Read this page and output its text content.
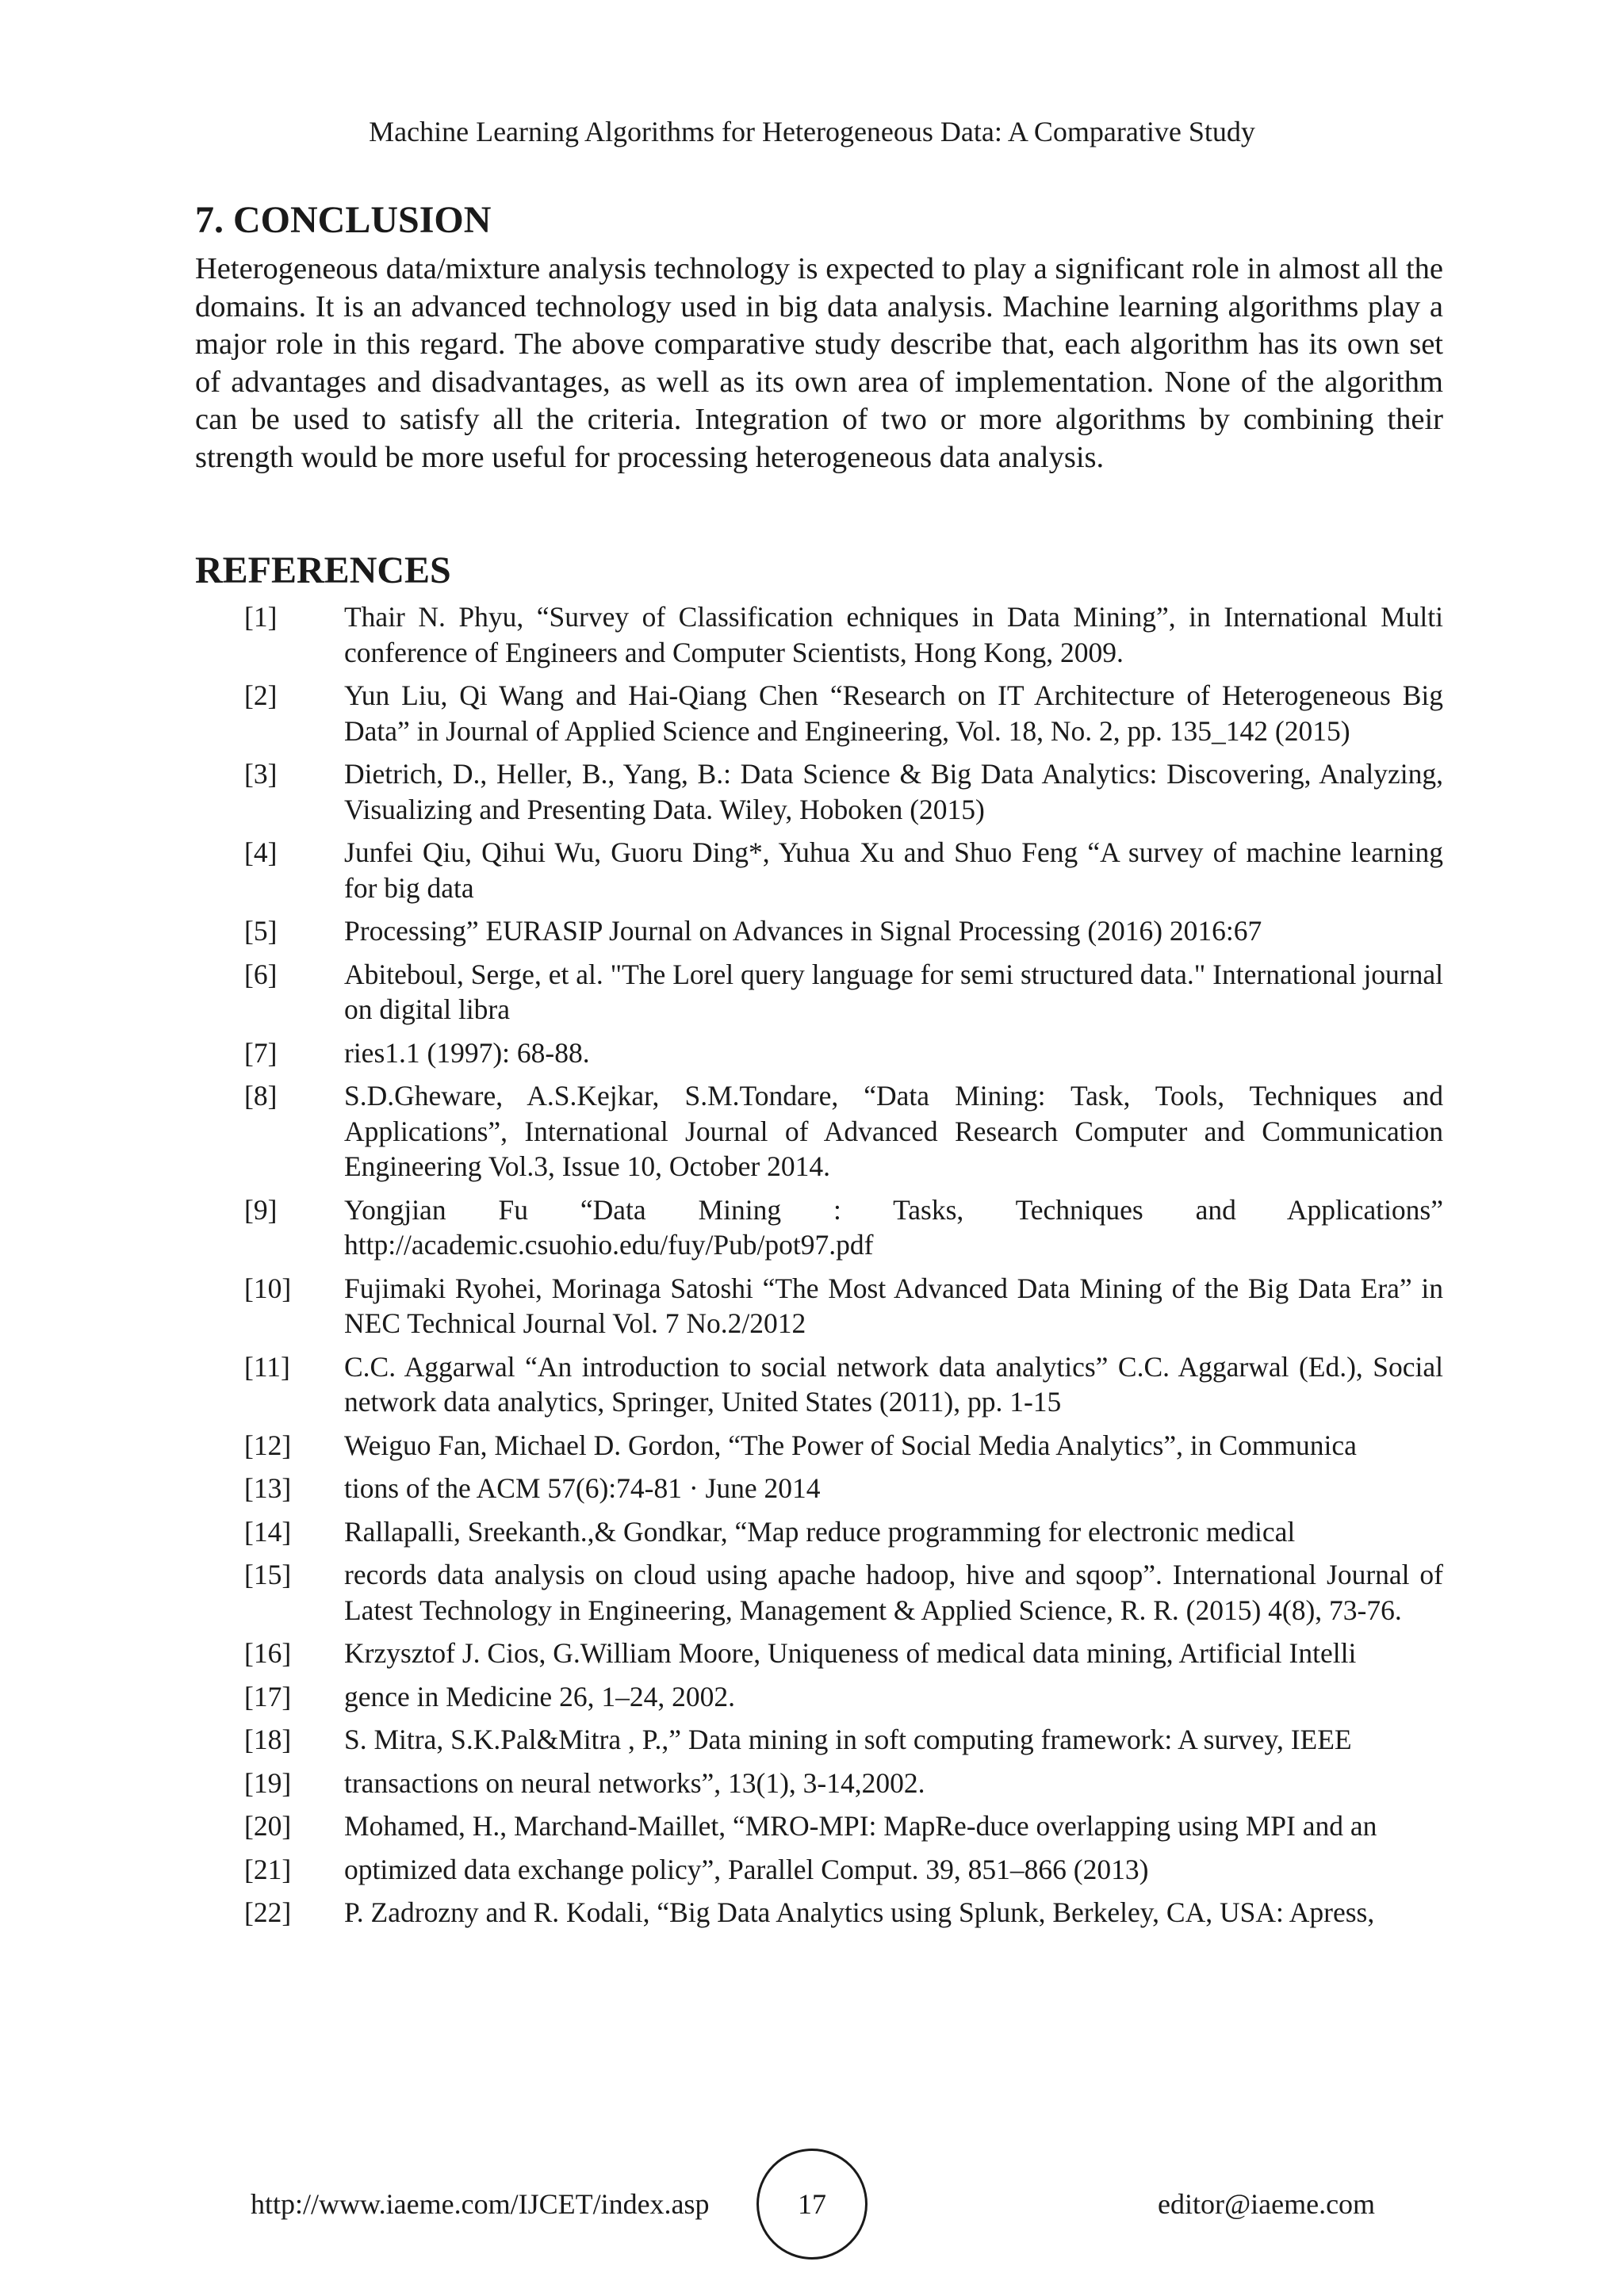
Machine Learning Algorithms for Heterogeneous Data: A Comparative Study
7. CONCLUSION

Heterogeneous data/mixture analysis technology is expected to play a significant role in almost all the domains. It is an advanced technology used in big data analysis. Machine learning algorithms play a major role in this regard. The above comparative study describe that, each algorithm has its own set of advantages and disadvantages, as well as its own area of implementation. None of the algorithm can be used to satisfy all the criteria. Integration of two or more algorithms by combining their strength would be more useful for processing heterogeneous data analysis.

REFERENCES
[1] Thair N. Phyu, “Survey of Classification echniques in Data Mining”, in International Multi conference of Engineers and Computer Scientists, Hong Kong, 2009.
[2] Yun Liu, Qi Wang and Hai-Qiang Chen “Research on IT Architecture of Heterogeneous Big Data” in Journal of Applied Science and Engineering, Vol. 18, No. 2, pp. 135_142 (2015)
[3] Dietrich, D., Heller, B., Yang, B.: Data Science & Big Data Analytics: Discovering, Analyzing, Visualizing and Presenting Data. Wiley, Hoboken (2015)
[4] Junfei Qiu, Qihui Wu, Guoru Ding*, Yuhua Xu and Shuo Feng “A survey of machine learning for big data
[5] Processing” EURASIP Journal on Advances in Signal Processing (2016) 2016:67
[6] Abiteboul, Serge, et al. "The Lorel query language for semi structured data." International journal on digital libra
[7] ries1.1 (1997): 68-88.
[8] S.D.Gheware, A.S.Kejkar, S.M.Tondare, “Data Mining: Task, Tools, Techniques and Applications”, International Journal of Advanced Research Computer and Communication Engineering Vol.3, Issue 10, October 2014.
[9] Yongjian Fu “Data Mining : Tasks, Techniques and Applications” http://academic.csuohio.edu/fuy/Pub/pot97.pdf
[10] Fujimaki Ryohei, Morinaga Satoshi “The Most Advanced Data Mining of the Big Data Era” in NEC Technical Journal Vol. 7 No.2/2012
[11] C.C. Aggarwal “An introduction to social network data analytics” C.C. Aggarwal (Ed.), Social network data analytics, Springer, United States (2011), pp. 1-15
[12] Weiguo Fan, Michael D. Gordon, “The Power of Social Media Analytics”, in Communica
[13] tions of the ACM 57(6):74-81 · June 2014
[14] Rallapalli, Sreekanth.,& Gondkar, “Map reduce programming for electronic medical
[15] records data analysis on cloud using apache hadoop, hive and sqoop”. International Journal of Latest Technology in Engineering, Management & Applied Science, R. R. (2015) 4(8), 73-76.
[16] Krzysztof J. Cios, G.William Moore, Uniqueness of medical data mining, Artificial Intelli
[17] gence in Medicine 26, 1–24, 2002.
[18] S. Mitra, S.K.Pal&Mitra , P.,” Data mining in soft computing framework: A survey, IEEE
[19] transactions on neural networks”, 13(1), 3-14,2002.
[20] Mohamed, H., Marchand-Maillet, “MRO-MPI: MapRe-duce overlapping using MPI and an
[21] optimized data exchange policy”, Parallel Comput. 39, 851–866 (2013)
[22] P. Zadrozny and R. Kodali, “Big Data Analytics using Splunk, Berkeley, CA, USA: Apress,
http://www.iaeme.com/IJCET/index.asp	17	editor@iaeme.com
